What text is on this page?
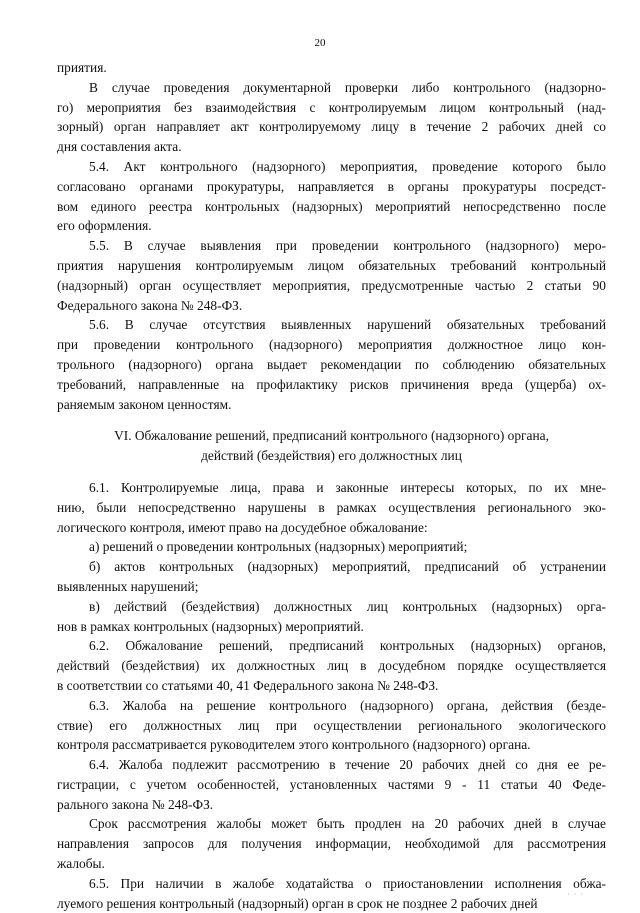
20
приятия.
В случае проведения документарной проверки либо контрольного (надзорно-
го) мероприятия без взаимодействия с контролируемым лицом контрольный (над-
зорный) орган направляет акт контролируемому лицу в течение 2 рабочих дней со
дня составления акта.
5.4. Акт контрольного (надзорного) мероприятия, проведение которого было
согласовано органами прокуратуры, направляется в органы прокуратуры посредст-
вом единого реестра контрольных (надзорных) мероприятий непосредственно после
его оформления.
5.5. В случае выявления при проведении контрольного (надзорного) меро-
приятия нарушения контролируемым лицом обязательных требований контрольный
(надзорный) орган осуществляет мероприятия, предусмотренные частью 2 статьи 90
Федерального закона № 248-ФЗ.
5.6. В случае отсутствия выявленных нарушений обязательных требований
при проведении контрольного (надзорного) мероприятия должностное лицо кон-
трольного (надзорного) органа выдает рекомендации по соблюдению обязательных
требований, направленные на профилактику рисков причинения вреда (ущерба) ох-
раняемым законом ценностям.
VI. Обжалование решений, предписаний контрольного (надзорного) органа,
действий (бездействия) его должностных лиц
6.1. Контролируемые лица, права и законные интересы которых, по их мне-
нию, были непосредственно нарушены в рамках осуществления регионального эко-
логического контроля, имеют право на досудебное обжалование:
а) решений о проведении контрольных (надзорных) мероприятий;
б) актов контрольных (надзорных) мероприятий, предписаний об устранении
выявленных нарушений;
в) действий (бездействия) должностных лиц контрольных (надзорных) орга-
нов в рамках контрольных (надзорных) мероприятий.
6.2. Обжалование решений, предписаний контрольных (надзорных) органов,
действий (бездействия) их должностных лиц в досудебном порядке осуществляется
в соответствии со статьями 40, 41 Федерального закона № 248-ФЗ.
6.3. Жалоба на решение контрольного (надзорного) органа, действия (безде-
ствие) его должностных лиц при осуществлении регионального экологического
контроля рассматривается руководителем этого контрольного (надзорного) органа.
6.4. Жалоба подлежит рассмотрению в течение 20 рабочих дней со дня ее ре-
гистрации, с учетом особенностей, установленных частями 9 - 11 статьи 40 Феде-
рального закона № 248-ФЗ.
Срок рассмотрения жалобы может быть продлен на 20 рабочих дней в случае
направления запросов для получения информации, необходимой для рассмотрения
жалобы.
6.5. При наличии в жалобе ходатайства о приостановлении исполнения обжа-
луемого решения контрольный (надзорный) орган в срок не позднее 2 рабочих дней
· · ·
